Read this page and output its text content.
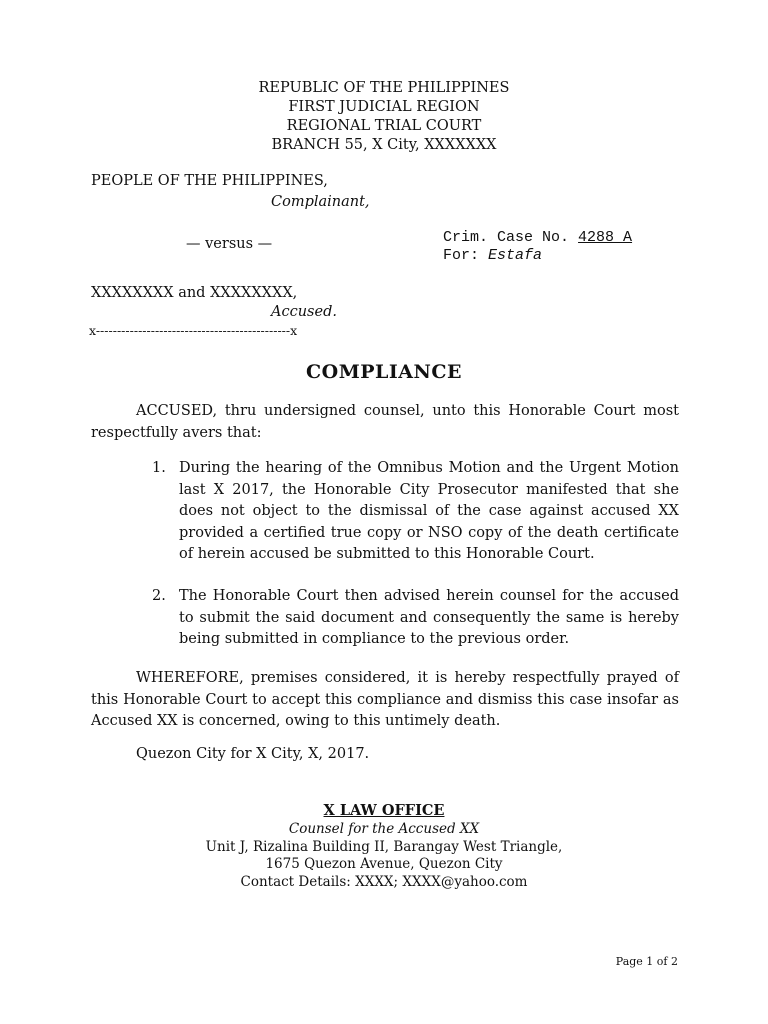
REPUBLIC OF THE PHILIPPINES
FIRST JUDICIAL REGION
REGIONAL TRIAL COURT
BRANCH 55, X City, XXXXXXX
PEOPLE OF THE PHILIPPINES,
Complainant,
— versus —	Crim. Case No. 4288 A
For: Estafa
XXXXXXXX and XXXXXXXX,
Accused.
x----------------------------------------------x
COMPLIANCE
ACCUSED, thru undersigned counsel, unto this Honorable Court most respectfully avers that:
1. During the hearing of the Omnibus Motion and the Urgent Motion last X 2017, the Honorable City Prosecutor manifested that she does not object to the dismissal of the case against accused XX provided a certified true copy or NSO copy of the death certificate of herein accused be submitted to this Honorable Court.
2. The Honorable Court then advised herein counsel for the accused to submit the said document and consequently the same is hereby being submitted in compliance to the previous order.
WHEREFORE, premises considered, it is hereby respectfully prayed of this Honorable Court to accept this compliance and dismiss this case insofar as Accused XX is concerned, owing to this untimely death.
Quezon City for X City, X, 2017.
X LAW OFFICE
Counsel for the Accused XX
Unit J, Rizalina Building II, Barangay West Triangle,
1675 Quezon Avenue, Quezon City
Contact Details: XXXX; XXXX@yahoo.com
Page 1 of 2
